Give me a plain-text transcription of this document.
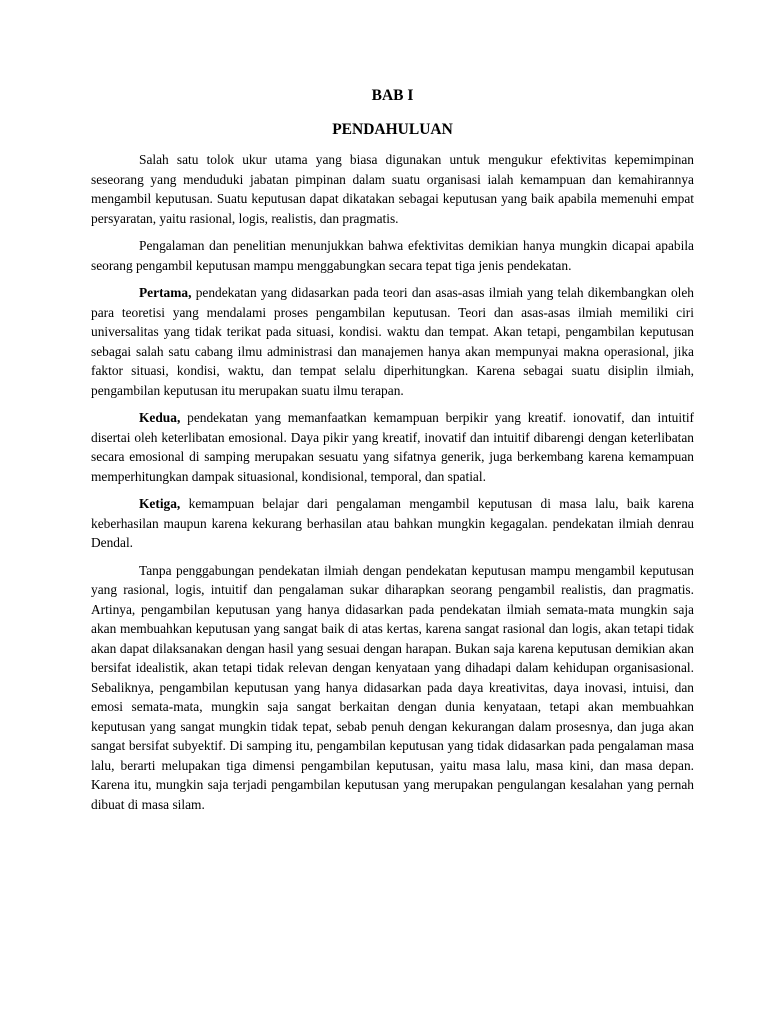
BAB I
PENDAHULUAN

Salah satu tolok ukur utama yang biasa digunakan untuk mengukur efektivitas kepemimpinan seseorang yang menduduki jabatan pimpinan dalam suatu organisasi ialah kemampuan dan kemahirannya mengambil keputusan. Suatu keputusan dapat dikatakan sebagai keputusan yang baik apabila memenuhi empat persyaratan, yaitu rasional, logis, realistis, dan pragmatis.

Pengalaman dan penelitian menunjukkan bahwa efektivitas demikian hanya mungkin dicapai apabila seorang pengambil keputusan mampu menggabungkan secara tepat tiga jenis pendekatan.

Pertama, pendekatan yang didasarkan pada teori dan asas-asas ilmiah yang telah dikembangkan oleh para teoretisi yang mendalami proses pengambilan keputusan. Teori dan asas-asas ilmiah memiliki ciri universalitas yang tidak terikat pada situasi, kondisi. waktu dan tempat. Akan tetapi, pengambilan keputusan sebagai salah satu cabang ilmu administrasi dan manajemen hanya akan mempunyai makna operasional, jika faktor situasi, kondisi, waktu, dan tempat selalu diperhitungkan. Karena sebagai suatu disiplin ilmiah, pengambilan keputusan itu merupakan suatu ilmu terapan.

Kedua, pendekatan yang memanfaatkan kemampuan berpikir yang kreatif. ionovatif, dan intuitif disertai oleh keterlibatan emosional. Daya pikir yang kreatif, inovatif dan intuitif dibarengi dengan keterlibatan secara emosional di samping merupakan sesuatu yang sifatnya generik, juga berkembang karena kemampuan memperhitungkan dampak situasional, kondisional, temporal, dan spatial.

Ketiga, kemampuan belajar dari pengalaman mengambil keputusan di masa lalu, baik karena keberhasilan maupun karena kekurang berhasilan atau bahkan mungkin kegagalan. pendekatan ilmiah denrau Dendal.

Tanpa penggabungan pendekatan ilmiah dengan pendekatan keputusan mampu mengambil keputusan yang rasional, logis, intuitif dan pengalaman sukar diharapkan seorang pengambil realistis, dan pragmatis. Artinya, pengambilan keputusan yang hanya didasarkan pada pendekatan ilmiah semata-mata mungkin saja akan membuahkan keputusan yang sangat baik di atas kertas, karena sangat rasional dan logis, akan tetapi tidak akan dapat dilaksanakan dengan hasil yang sesuai dengan harapan. Bukan saja karena keputusan demikian akan bersifat idealistik, akan tetapi tidak relevan dengan kenyataan yang dihadapi dalam kehidupan organisasional. Sebaliknya, pengambilan keputusan yang hanya didasarkan pada daya kreativitas, daya inovasi, intuisi, dan emosi semata-mata, mungkin saja sangat berkaitan dengan dunia kenyataan, tetapi akan membuahkan keputusan yang sangat mungkin tidak tepat, sebab penuh dengan kekurangan dalam prosesnya, dan juga akan sangat bersifat subyektif. Di samping itu, pengambilan keputusan yang tidak didasarkan pada pengalaman masa lalu, berarti melupakan tiga dimensi pengambilan keputusan, yaitu masa lalu, masa kini, dan masa depan. Karena itu, mungkin saja terjadi pengambilan keputusan yang merupakan pengulangan kesalahan yang pernah dibuat di masa silam.
